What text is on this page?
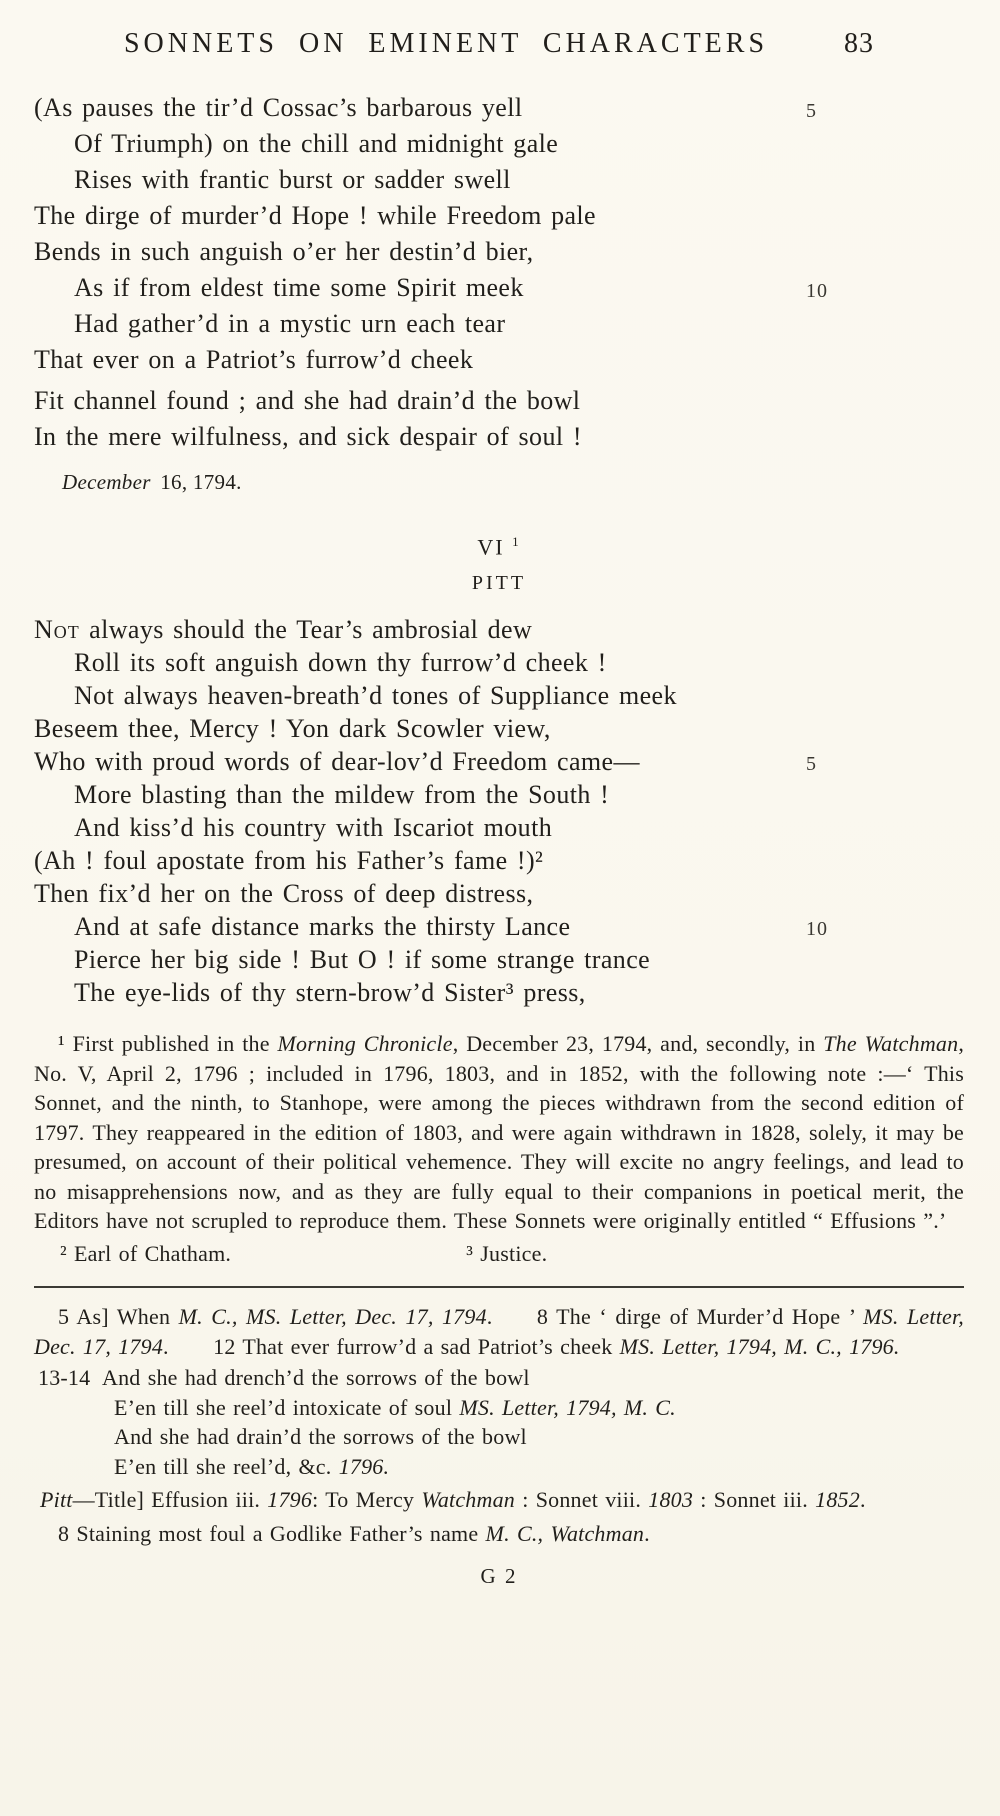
SONNETS ON EMINENT CHARACTERS	83
(As pauses the tir’d Cossac’s barbarous yell	5
Of Triumph) on the chill and midnight gale
Rises with frantic burst or sadder swell
The dirge of murder’d Hope ! while Freedom pale
Bends in such anguish o’er her destin’d bier,
As if from eldest time some Spirit meek	10
Had gather’d in a mystic urn each tear
That ever on a Patriot’s furrow’d cheek
Fit channel found ; and she had drain’d the bowl
In the mere wilfulness, and sick despair of soul !
December 16, 1794.
VI $^1$
PITT
Not always should the Tear’s ambrosial dew
Roll its soft anguish down thy furrow’d cheek !
Not always heaven-breath’d tones of Suppliance meek
Beseem thee, Mercy ! Yon dark Scowler view,
Who with proud words of dear-lov’d Freedom came—	5
More blasting than the mildew from the South !
And kiss’d his country with Iscariot mouth
(Ah ! foul apostate from his Father’s fame !)²
Then fix’d her on the Cross of deep distress,
And at safe distance marks the thirsty Lance	10
Pierce her big side ! But O ! if some strange trance
The eye-lids of thy stern-brow’d Sister³ press,

¹ First published in the Morning Chronicle, December 23, 1794, and, secondly, in The Watchman, No. V, April 2, 1796 ; included in 1796, 1803, and in 1852, with the following note :—‘ This Sonnet, and the ninth, to Stanhope, were among the pieces withdrawn from the second edition of 1797. They reappeared in the edition of 1803, and were again withdrawn in 1828, solely, it may be presumed, on account of their political vehemence. They will excite no angry feelings, and lead to no misapprehensions now, and as they are fully equal to their companions in poetical merit, the Editors have not scrupled to reproduce them. These Sonnets were originally entitled “ Effusions ”.’

² Earl of Chatham.	³ Justice.

5 As] When M. C., MS. Letter, Dec. 17, 1794.  8 The ‘ dirge of Murder’d Hope ’ MS. Letter, Dec. 17, 1794.  12 That ever furrow’d a sad Patriot’s cheek MS. Letter, 1794, M. C., 1796.

13-14 And she had drench’d the sorrows of the bowl
E’en till she reel’d intoxicate of soul MS. Letter, 1794, M. C.
And she had drain’d the sorrows of the bowl
E’en till she reel’d, &c. 1796.

Pitt—Title] Effusion iii. 1796: To Mercy Watchman : Sonnet viii. 1803 : Sonnet iii. 1852.

8 Staining most foul a Godlike Father’s name M. C., Watchman.

G 2
